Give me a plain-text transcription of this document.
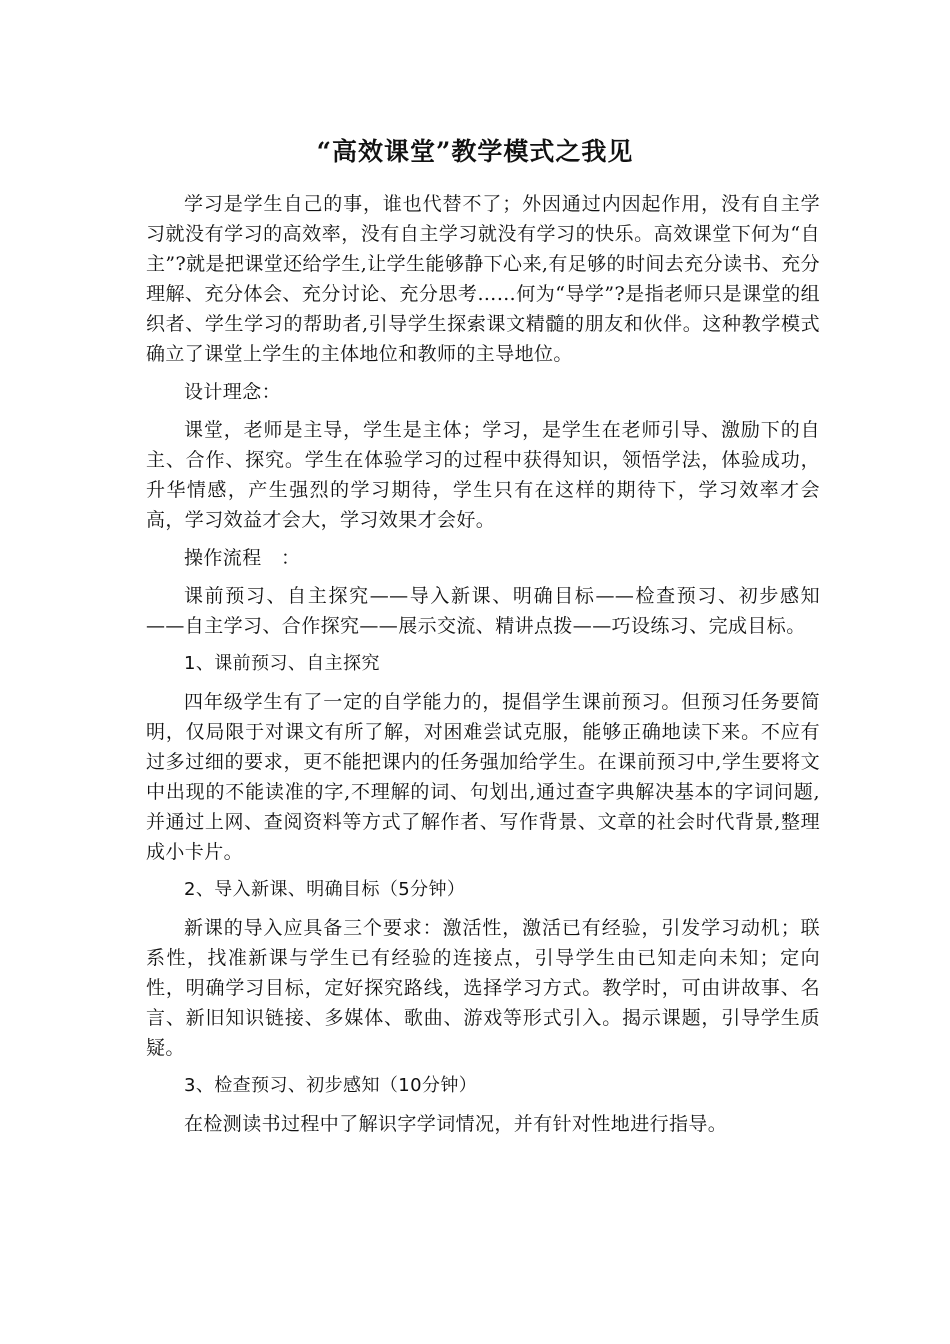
“高效课堂”教学模式之我见

学习是学生自己的事，谁也代替不了；外因通过内因起作用，没有自主学习就没有学习的高效率，没有自主学习就没有学习的快乐。高效课堂下何为“自主”?就是把课堂还给学生,让学生能够静下心来,有足够的时间去充分读书、充分理解、充分体会、充分讨论、充分思考……何为“导学”?是指老师只是课堂的组织者、学生学习的帮助者,引导学生探索课文精髓的朋友和伙伴。这种教学模式确立了课堂上学生的主体地位和教师的主导地位。

设计理念：

课堂，老师是主导，学生是主体；学习，是学生在老师引导、激励下的自主、合作、探究。学生在体验学习的过程中获得知识，领悟学法，体验成功，升华情感，产生强烈的学习期待，学生只有在这样的期待下，学习效率才会高，学习效益才会大，学习效果才会好。

操作流程　：

课前预习、自主探究——导入新课、明确目标——检查预习、初步感知——自主学习、合作探究——展示交流、精讲点拨——巧设练习、完成目标。

1、课前预习、自主探究

四年级学生有了一定的自学能力的，提倡学生课前预习。但预习任务要简明，仅局限于对课文有所了解，对困难尝试克服，能够正确地读下来。不应有过多过细的要求，更不能把课内的任务强加给学生。在课前预习中,学生要将文中出现的不能读准的字,不理解的词、句划出,通过查字典解决基本的字词问题,并通过上网、查阅资料等方式了解作者、写作背景、文章的社会时代背景,整理成小卡片。

2、导入新课、明确目标（5分钟）

新课的导入应具备三个要求：激活性，激活已有经验，引发学习动机；联系性，找准新课与学生已有经验的连接点，引导学生由已知走向未知；定向性，明确学习目标，定好探究路线，选择学习方式。教学时，可由讲故事、名言、新旧知识链接、多媒体、歌曲、游戏等形式引入。揭示课题，引导学生质疑。

3、检查预习、初步感知（10分钟）

在检测读书过程中了解识字学词情况，并有针对性地进行指导。
